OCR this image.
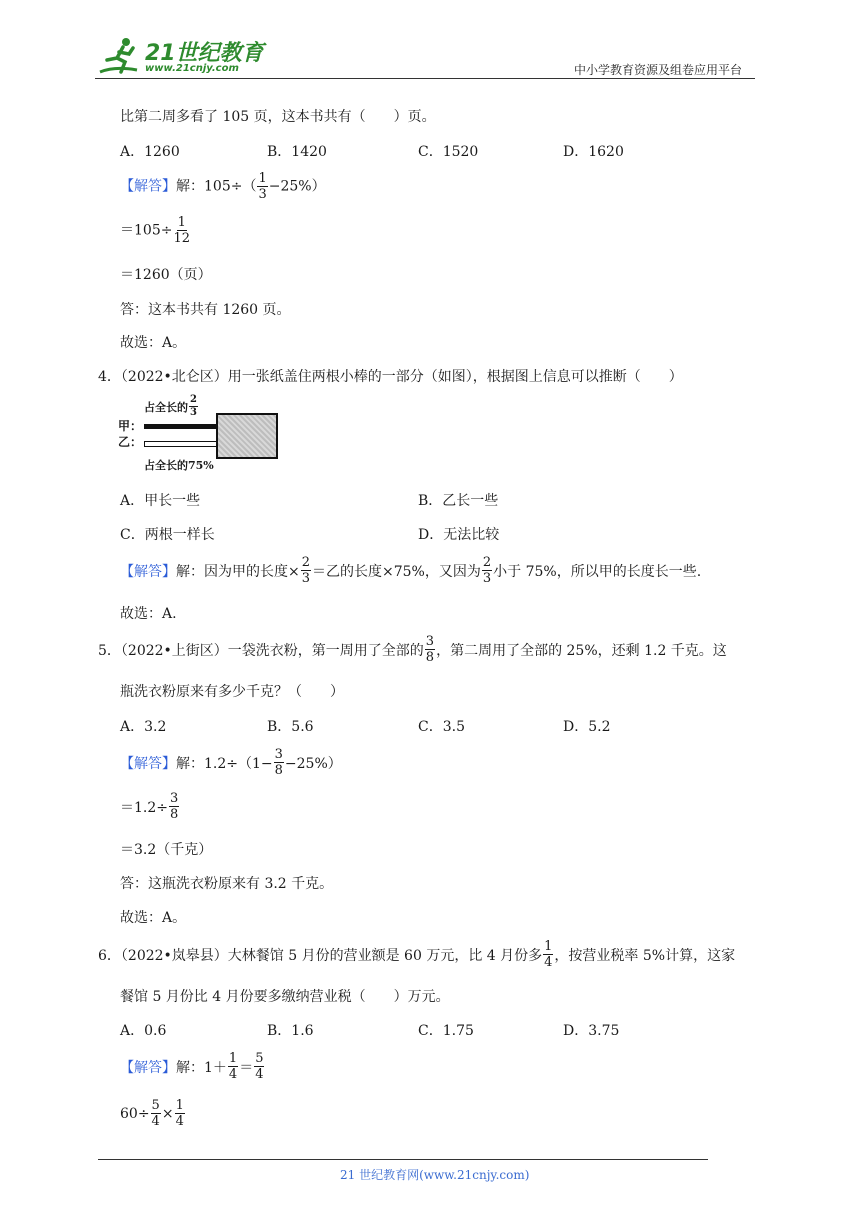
21世纪教育
www.21cnjy.com	中小学教育资源及组卷应用平台
比第二周多看了 105 页，这本书共有（　　）页。
A．1260	B．1420	C．1520	D．1620
【解答】解：$105\div( \frac{1}{3} -25\%)$
$=105\div \frac{1}{12}$
＝1260（页）
答：这本书共有 1260 页。
故选：A。
4．（2022•北仑区）用一张纸盖住两根小棒的一部分（如图），根据图上信息可以推断（　　）
占全长的 $\frac{2}{3}$
甲：
乙：
占全长的75%
A．甲长一些	B．乙长一些
C．两根一样长	D．无法比较
【解答】 解：因为甲的长度× $\frac{2}{3}$ ＝乙的长度×75%，又因为 $\frac{2}{3}$ 小于 75%，所以甲的长度长一些.
故选：A.
5．（2022•上街区）一袋洗衣粉，第一周用了全部的 $\frac{3}{8}$ ，第二周用了全部的 25%，还剩 1.2 千克。这
瓶洗衣粉原来有多少千克？（　　）
A．3.2	B．5.6	C．3.5	D．5.2
【解答】 解：$1.2\div(1- \frac{3}{8} -25\%)$
$=1.2\div \frac{3}{8}$
＝3.2（千克）
答：这瓶洗衣粉原来有 3.2 千克。
故选：A。
6．（2022•岚皋县）大林餐馆 5 月份的营业额是 60 万元，比 4 月份多 $\frac{1}{4}$ ，按营业税率 5%计算，这家
餐馆 5 月份比 4 月份要多缴纳营业税（　　）万元。
A．0.6	B．1.6	C．1.75	D．3.75
【解答】 解：$1+ \frac{1}{4} = \frac{5}{4}$
$60\div \frac{5}{4} \times \frac{1}{4}$
21 世纪教育网(www.21cnjy.com)
